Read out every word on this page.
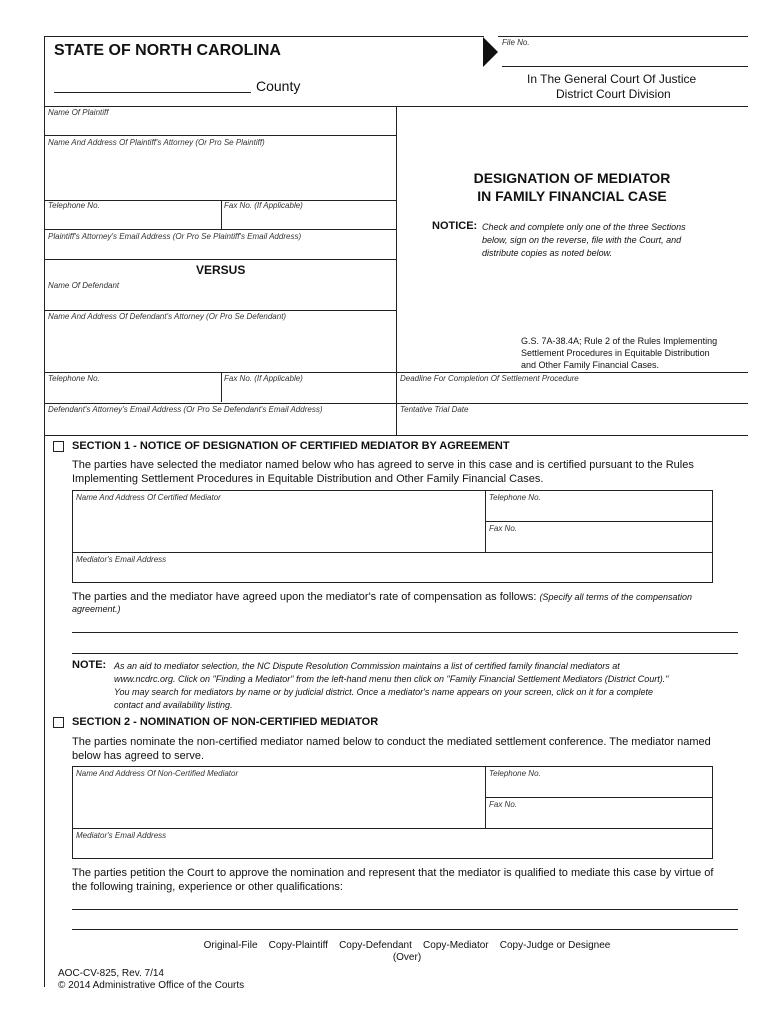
STATE OF NORTH CAROLINA
County
File No.
In The General Court Of Justice
District Court Division
Name Of Plaintiff
Name And Address Of Plaintiff's Attorney (Or Pro Se Plaintiff)
Telephone No.	Fax No. (If Applicable)
Plaintiff's Attorney's Email Address (Or Pro Se Plaintiff's Email Address)
VERSUS
Name Of Defendant
Name And Address Of Defendant's Attorney (Or Pro Se Defendant)
Telephone No.	Fax No. (If Applicable)
Defendant's Attorney's Email Address (Or Pro Se Defendant's Email Address)
DESIGNATION OF MEDIATOR
IN FAMILY FINANCIAL CASE
NOTICE: Check and complete only one of the three Sections
below, sign on the reverse, file with the Court, and
distribute copies as noted below.
G.S. 7A-38.4A; Rule 2 of the Rules Implementing
Settlement Procedures in Equitable Distribution
and Other Family Financial Cases.
Deadline For Completion Of Settlement Procedure
Tentative Trial Date
SECTION 1 - NOTICE OF DESIGNATION OF CERTIFIED MEDIATOR BY AGREEMENT
The parties have selected the mediator named below who has agreed to serve in this case and is certified pursuant to the Rules
Implementing Settlement Procedures in Equitable Distribution and Other Family Financial Cases.
Name And Address Of Certified Mediator	Telephone No.
Fax No.
Mediator's Email Address
The parties and the mediator have agreed upon the mediator's rate of compensation as follows: (Specify all terms of the compensation
agreement.)
NOTE: As an aid to mediator selection, the NC Dispute Resolution Commission maintains a list of certified family financial mediators at
www.ncdrc.org. Click on "Finding a Mediator" from the left-hand menu then click on "Family Financial Settlement Mediators (District Court)."
You may search for mediators by name or by judicial district. Once a mediator's name appears on your screen, click on it for a complete
contact and availability listing.
SECTION 2 - NOMINATION OF NON-CERTIFIED MEDIATOR
The parties nominate the non-certified mediator named below to conduct the mediated settlement conference. The mediator named
below has agreed to serve.
Name And Address Of Non-Certified Mediator	Telephone No.
Fax No.
Mediator's Email Address
The parties petition the Court to approve the nomination and represent that the mediator is qualified to mediate this case by virtue of
the following training, experience or other qualifications:
Original-File Copy-Plaintiff Copy-Defendant Copy-Mediator Copy-Judge or Designee
(Over)
AOC-CV-825, Rev. 7/14
© 2014 Administrative Office of the Courts
